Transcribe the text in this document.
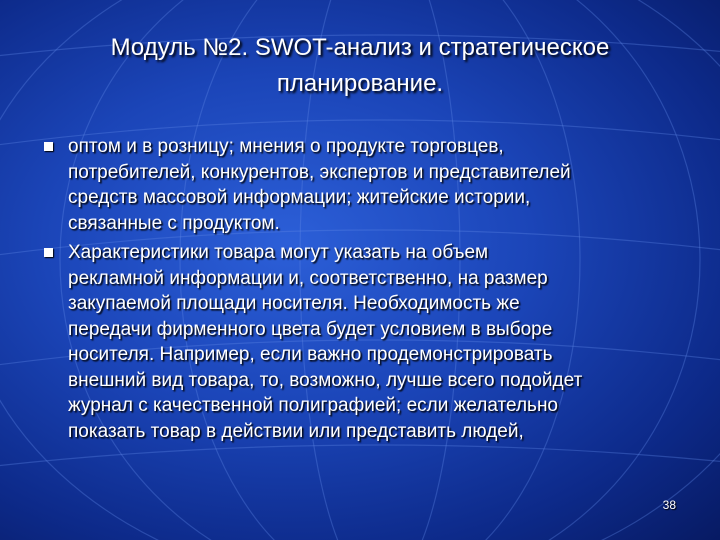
Модуль №2. SWOT-анализ и стратегическое
планирование.
оптом и в розницу; мнения о продукте торговцев,
потребителей, конкурентов, экспертов и представителей
средств массовой информации; житейские истории,
связанные с продуктом.
Характеристики товара могут указать на объем
рекламной информации и, соответственно, на размер
закупаемой площади носителя. Необходимость же
передачи фирменного цвета будет условием в выборе
носителя. Например, если важно продемонстрировать
внешний вид товара, то, возможно, лучше всего подойдет
журнал с качественной полиграфией; если желательно
показать товар в действии или представить людей,
38
